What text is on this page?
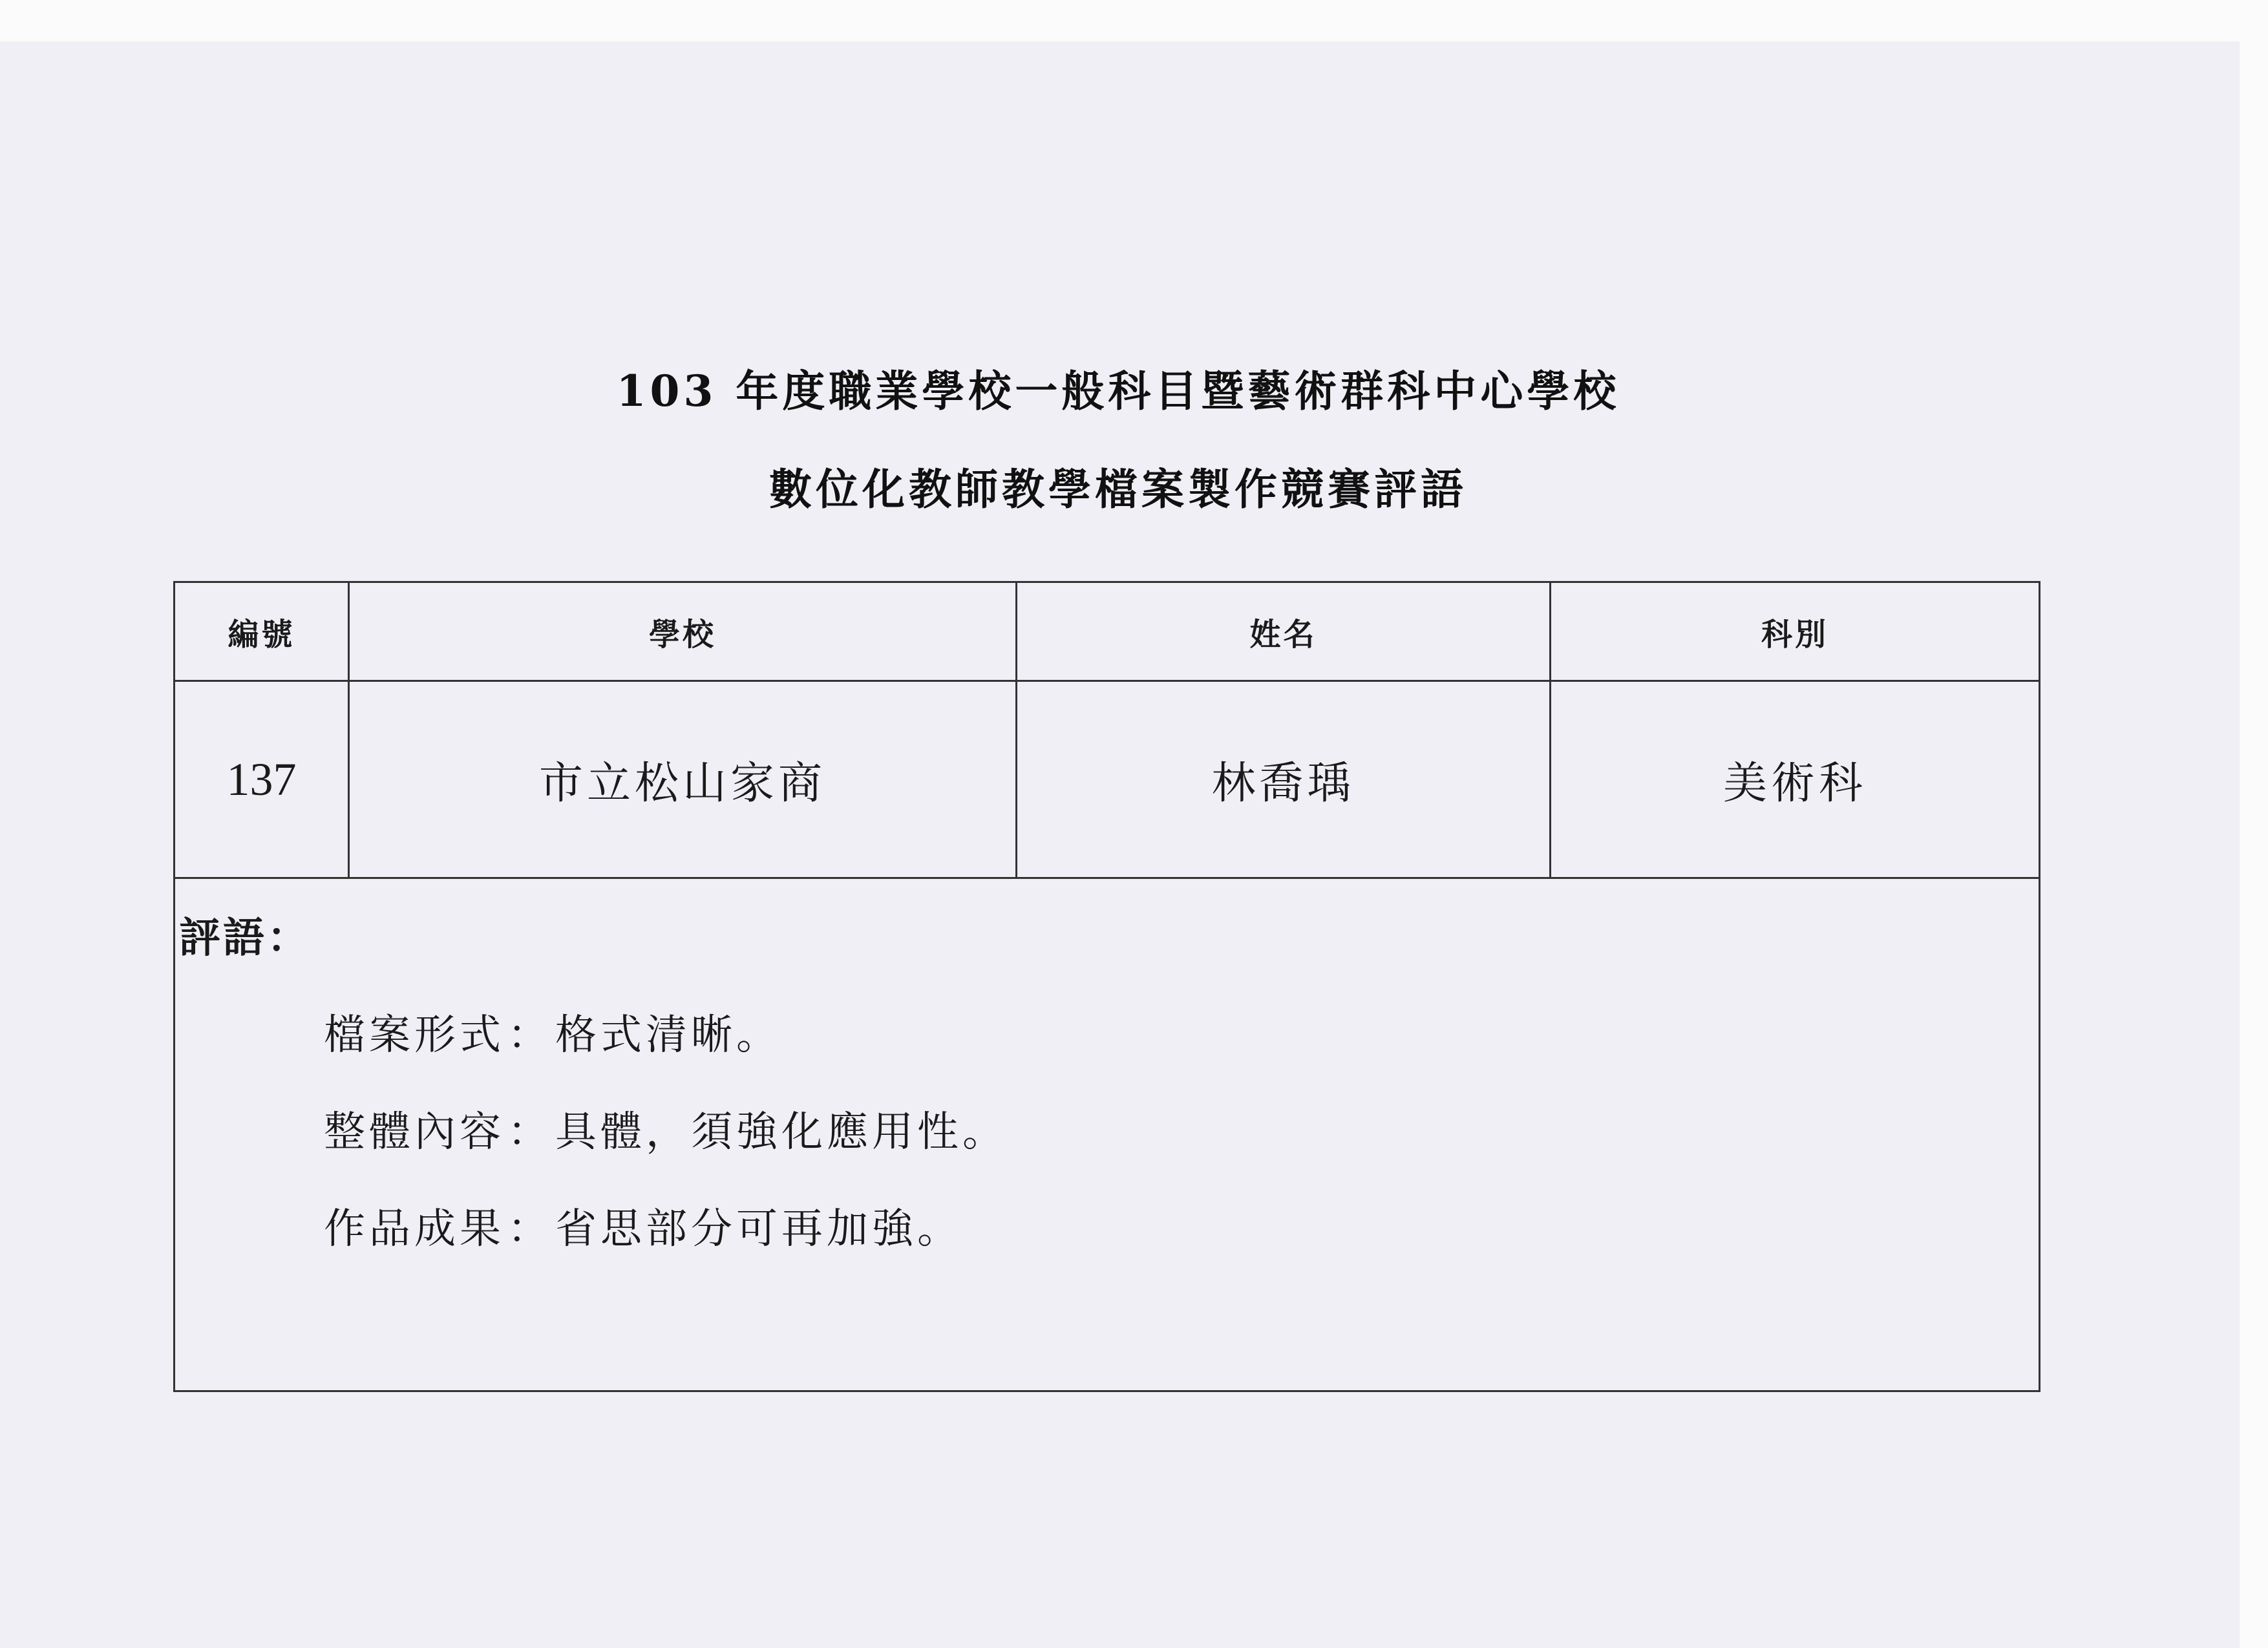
103 年度職業學校一般科目暨藝術群科中心學校
數位化教師教學檔案製作競賽評語
編號	學校	姓名	科別
137	市立松山家商	林喬瑀	美術科
評語：
檔案形式：格式清晰。
整體內容：具體，須強化應用性。
作品成果：省思部分可再加強。
